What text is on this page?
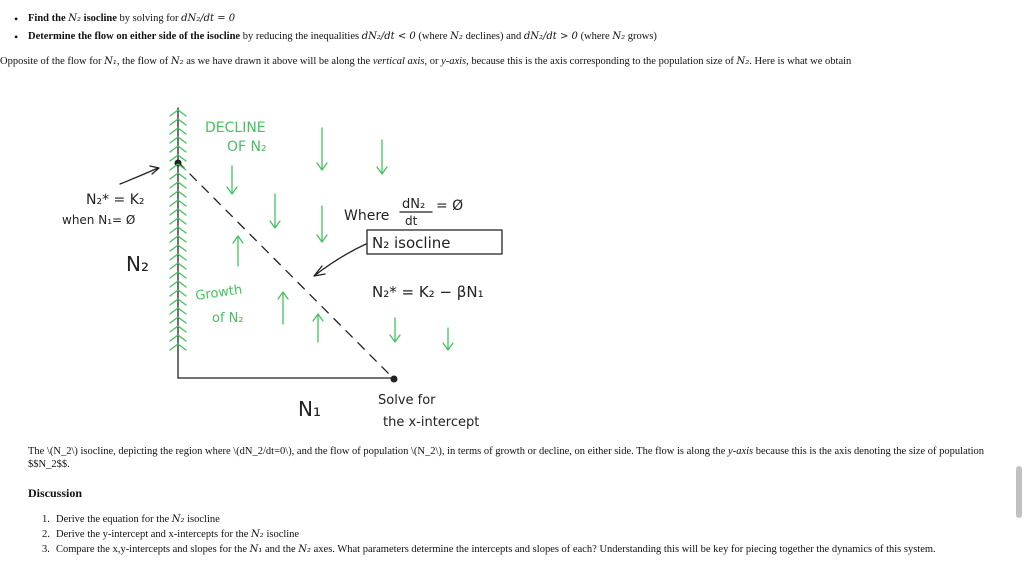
• Find the N₂ isocline by solving for dN₂/dt = 0
• Determine the flow on either side of the isocline by reducing the inequalities dN₂/dt < 0 (where N₂ declines) and dN₂/dt > 0 (where N₂ grows)
Opposite of the flow for N₁, the flow of N₂ as we have drawn it above will be along the vertical axis, or y-axis, because this is the axis corresponding to the population size of N₂. Here is what we obtain
DECLINE
OF N₂
Growth
of N₂
N₂* = K₂
when N₁= Ø
N₂
N₁
Where
dN₂
dt
= Ø
N₂ isocline
N₂* = K₂ − βN₁
Solve for
the x-intercept
The \(N_2\) isocline, depicting the region where \(dN_2/dt=0\), and the flow of population \(N_2\), in terms of growth or decline, on either side. The flow is along the y-axis because this is the axis denoting the size of population $$N_2$$.
Discussion
1. Derive the equation for the N₂ isocline
2. Derive the y-intercept and x-intercepts for the N₂ isocline
3. Compare the x,y-intercepts and slopes for the N₁ and the N₂ axes. What parameters determine the intercepts and slopes of each? Understanding this will be key for piecing together the dynamics of this system.
